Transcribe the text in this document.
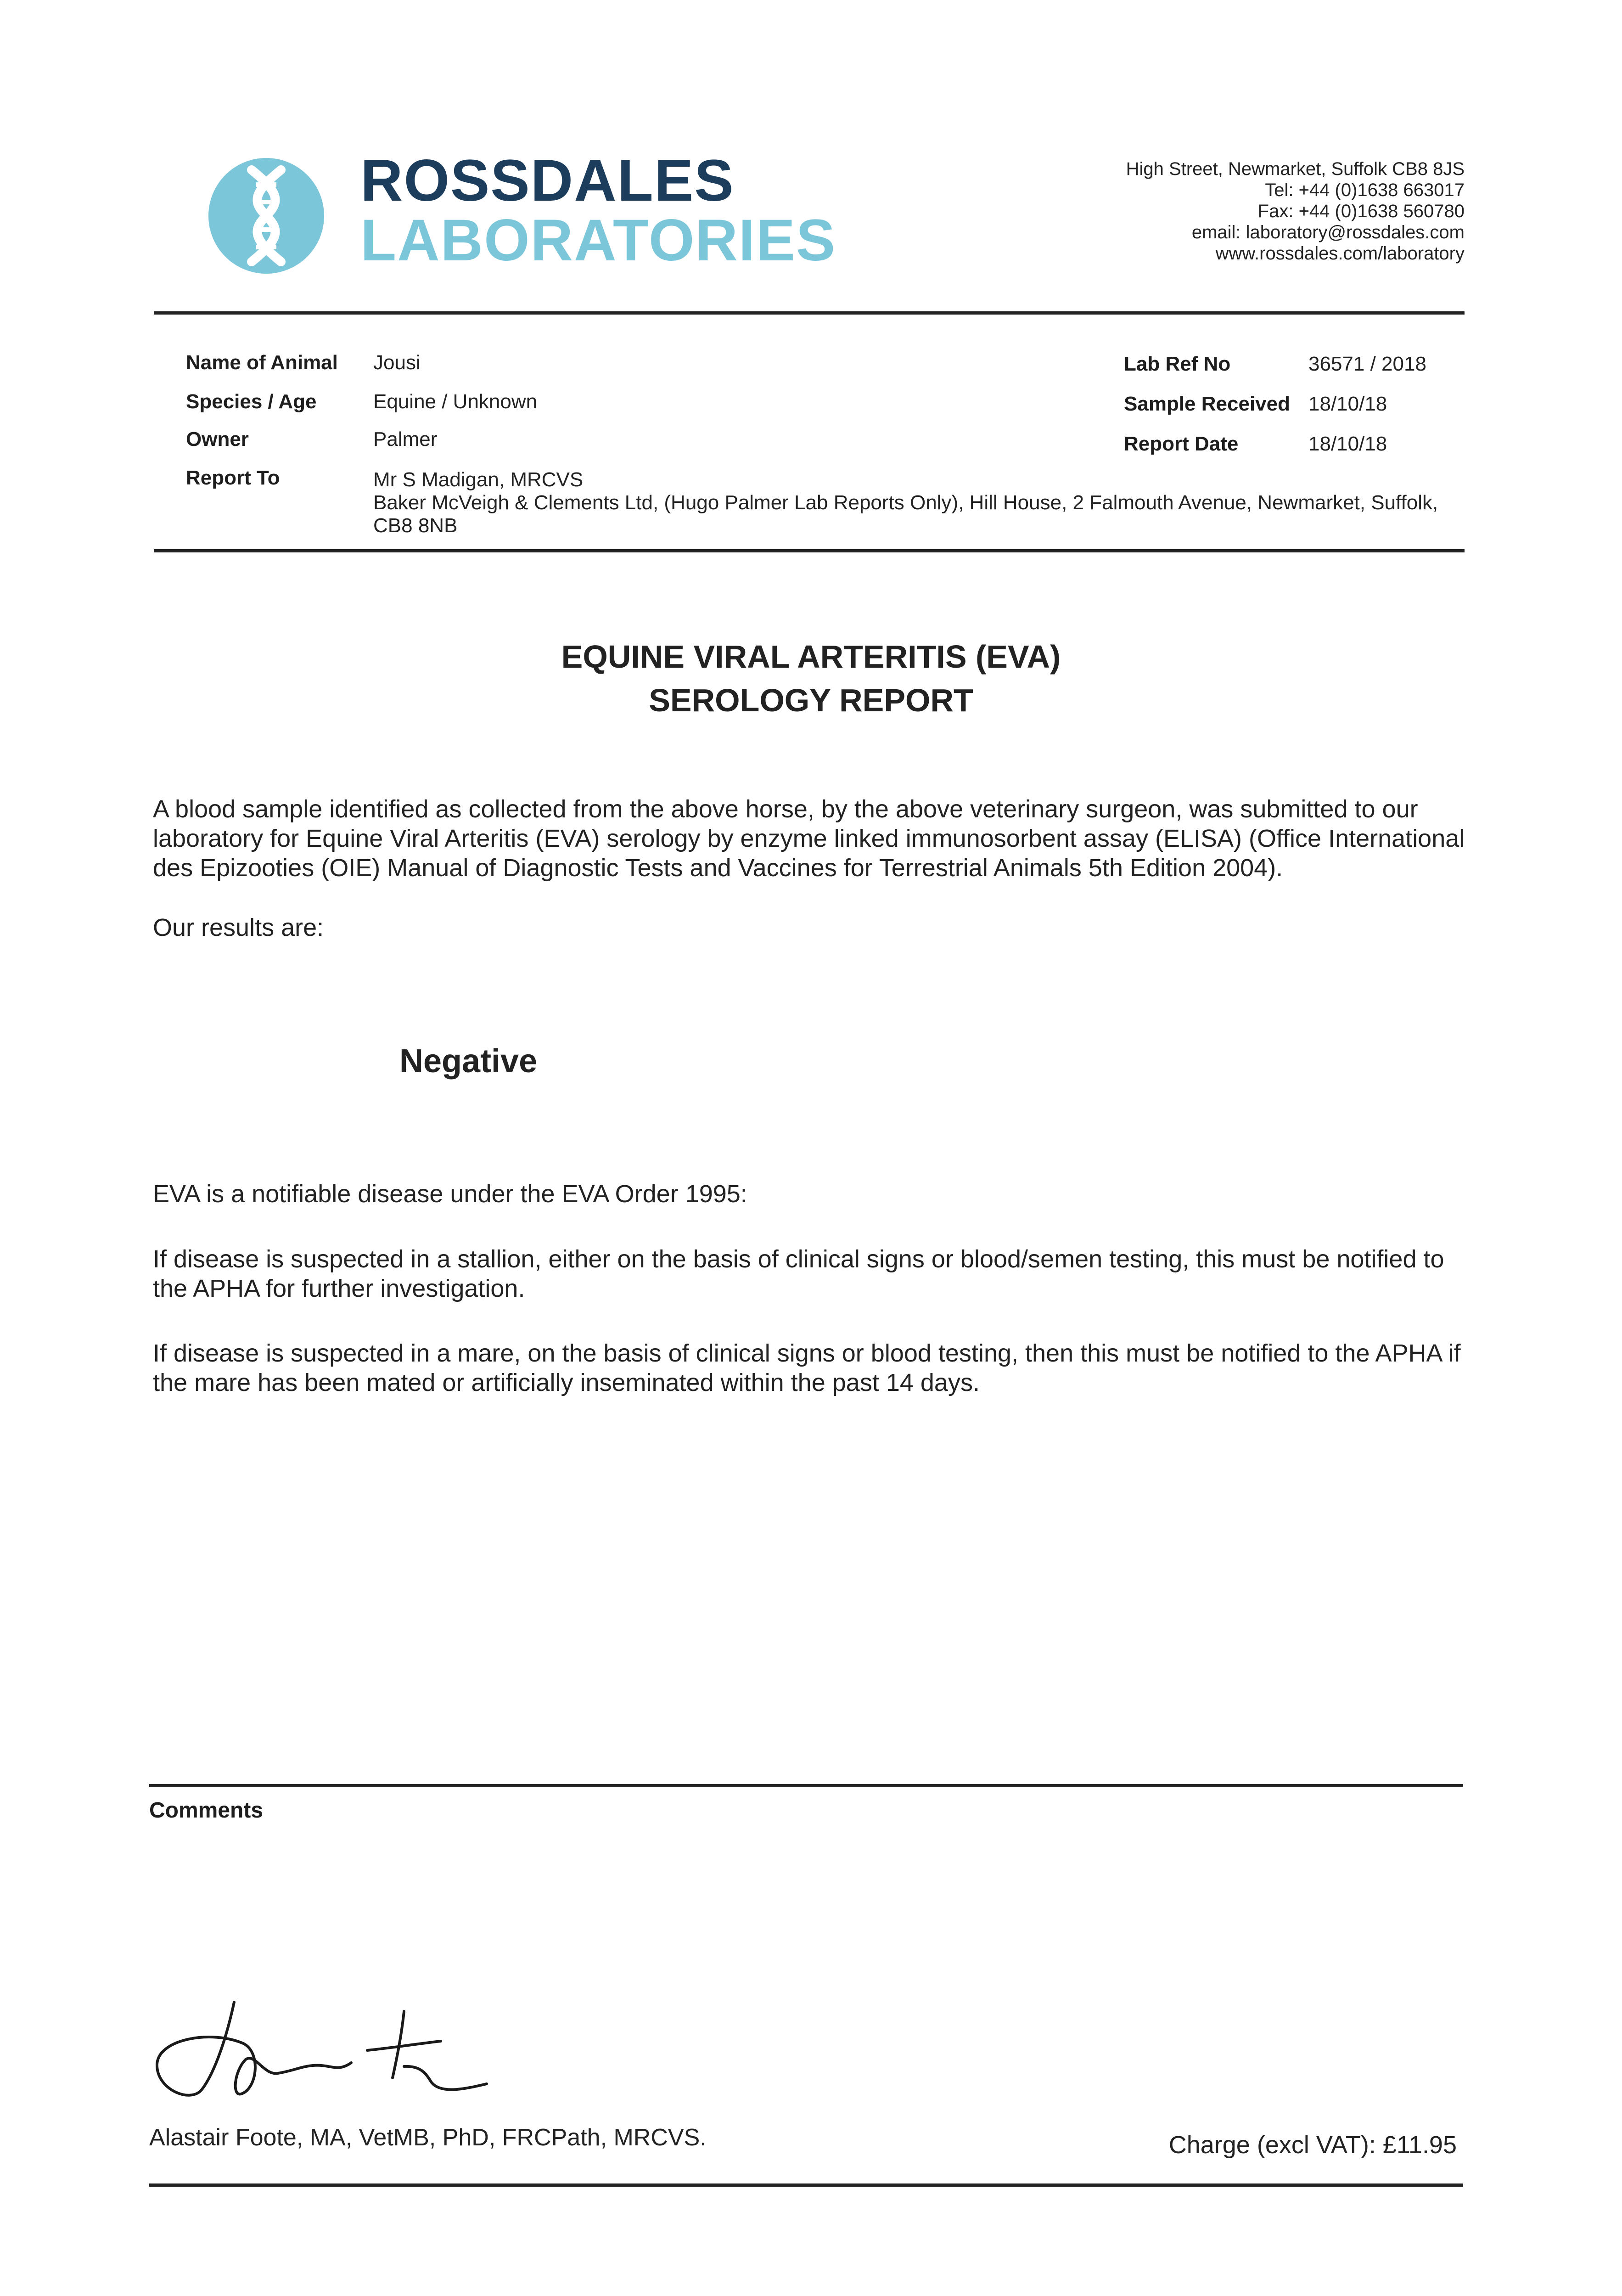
ROSSDALES
LABORATORIES
High Street, Newmarket, Suffolk CB8 8JS
Tel: +44 (0)1638 663017
Fax: +44 (0)1638 560780
email: laboratory@rossdales.com
www.rossdales.com/laboratory
Name of Animal Jousi
Species / Age	Equine / Unknown
Owner	Palmer
Report To	Mr S Madigan, MRCVS
Baker McVeigh & Clements Ltd, (Hugo Palmer Lab Reports Only), Hill House, 2 Falmouth Avenue, Newmarket, Suffolk, CB8 8NB
Lab Ref No	36571 / 2018
Sample Received 18/10/18
Report Date	18/10/18
EQUINE VIRAL ARTERITIS (EVA)
SEROLOGY REPORT
A blood sample identified as collected from the above horse, by the above veterinary surgeon, was submitted to our laboratory for Equine Viral Arteritis (EVA) serology by enzyme linked immunosorbent assay (ELISA) (Office International des Epizooties (OIE) Manual of Diagnostic Tests and Vaccines for Terrestrial Animals 5th Edition 2004).
Our results are:
Negative
EVA is a notifiable disease under the EVA Order 1995:
If disease is suspected in a stallion, either on the basis of clinical signs or blood/semen testing, this must be notified to the APHA for further investigation.
If disease is suspected in a mare, on the basis of clinical signs or blood testing, then this must be notified to the APHA if the mare has been mated or artificially inseminated within the past 14 days.
Comments
Alastair Foote, MA, VetMB, PhD, FRCPath, MRCVS.	Charge (excl VAT): £11.95
